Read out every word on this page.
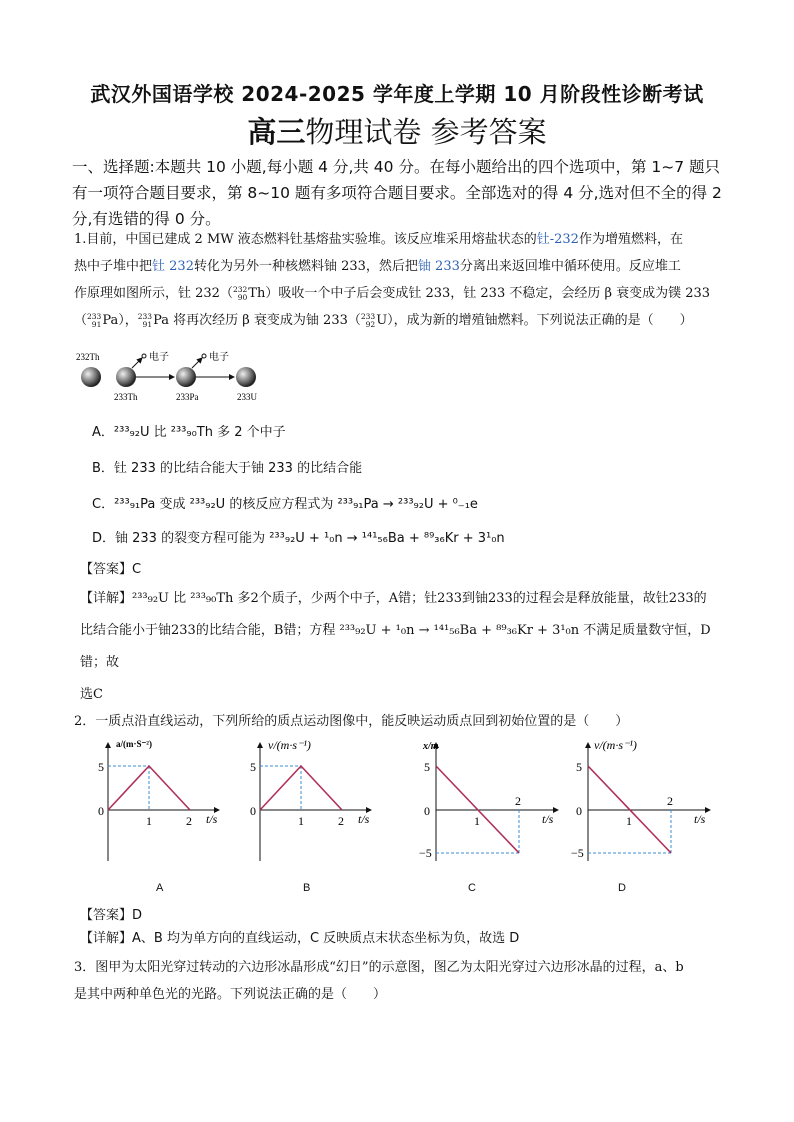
武汉外国语学校 2024-2025 学年度上学期 10 月阶段性诊断考试
高三物理试卷 参考答案
一、选择题:本题共 10 小题,每小题 4 分,共 40 分。在每小题给出的四个选项中，第 1~7 题只有一项符合题目要求，第 8~10 题有多项符合题目要求。全部选对的得 4 分,选对但不全的得 2 分,有选错的得 0 分。
1.目前，中国已建成 2 MW 液态燃料钍基熔盐实验堆。该反应堆采用熔盐状态的钍-232作为增殖燃料，在
热中子堆中把钍 232转化为另外一种核燃料铀 233，然后把铀 233分离出来返回堆中循环使用。反应堆工
作原理如图所示，钍 232（ 232
90 Th）吸收一个中子后会变成钍 233，钍 233 不稳定，会经历 β 衰变成为镤 233
（ 233
91 Pa）， 233
91 Pa 将再次经历 β 衰变成为铀 233（ 233
92 U），成为新的增殖铀燃料。下列说法正确的是（　　）
232Th	电子	电子
233Th	233Pa	233U
A．²³³₉₂U 比 ²³³₉₀Th 多 2 个中子
B．钍 233 的比结合能大于铀 233 的比结合能
C．²³³₉₁Pa 变成 ²³³₉₂U 的核反应方程式为 ²³³₉₁Pa → ²³³₉₂U + ⁰₋₁e
D．铀 233 的裂变方程可能为 ²³³₉₂U + ¹₀n → ¹⁴¹₅₆Ba + ⁸⁹₃₆Kr + 3¹₀n
【答案】C
【详解】²³³₉₂U 比 ²³³₉₀Th 多2个质子，少两个中子，A错；钍233到铀233的过程会是释放能量，故钍233的
比结合能小于铀233的比结合能，B错；方程 ²³³₉₂U + ¹₀n → ¹⁴¹₅₆Ba + ⁸⁹₃₆Kr + 3¹₀n 不满足质量数守恒，D错；故
选C
2．一质点沿直线运动，下列所给的质点运动图像中，能反映运动质点回到初始位置的是（　　）
a/(m·S⁻²)
5
0
1	2 t/s
A
v/(m·s⁻¹)
5
0
1	2 t/s
B
x/m
5
0
−5
1
2
t/s
C
v/(m·s⁻¹)
5
0
−5
1
2
t/s
D
【答案】D
【详解】A、B 均为单方向的直线运动，C 反映质点末状态坐标为负，故选 D
3．图甲为太阳光穿过转动的六边形冰晶形成“幻日”的示意图，图乙为太阳光穿过六边形冰晶的过程，a、b
是其中两种单色光的光路。下列说法正确的是（　　）
